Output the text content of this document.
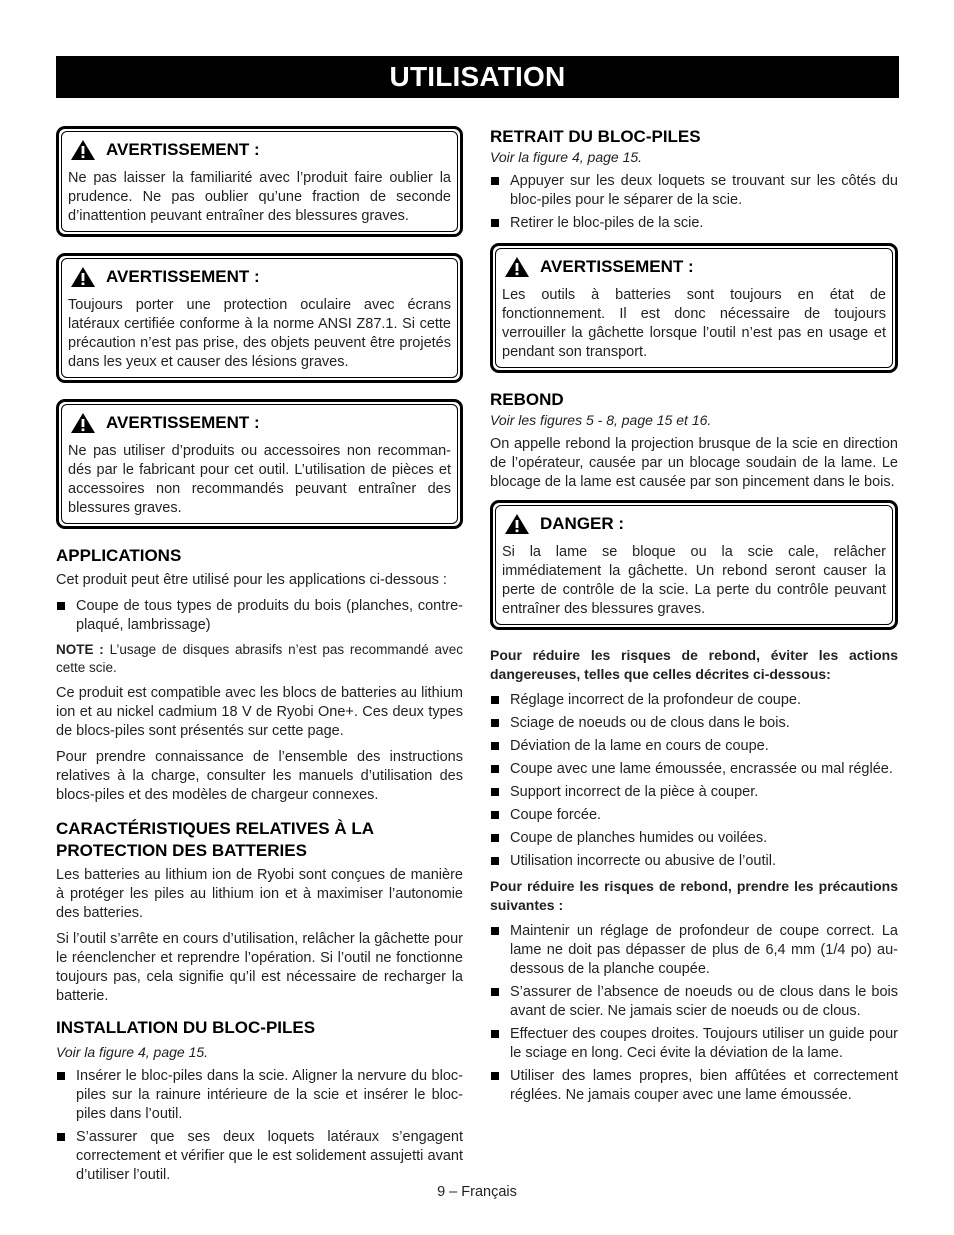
UTILISATION
AVERTISSEMENT :

Ne pas laisser la familiarité avec l’produit faire oublier la prudence. Ne pas oublier qu’une fraction de seconde d’inattention peuvant entraîner des blessures graves.

AVERTISSEMENT :

Toujours porter une protection oculaire avec écrans latéraux certifiée conforme à la norme ANSI Z87.1. Si cette précaution n’est pas prise, des objets peuvent être projetés dans les yeux et causer des lésions graves.

AVERTISSEMENT :

Ne pas utiliser d’produits ou accessoires non recomman-dés par le fabricant pour cet outil. L’utilisation de pièces et accessoires non recommandés peuvant entraîner des blessures graves.

APPLICATIONS

Cet produit peut être utilisé pour les applications ci-dessous :

Coupe de tous types de produits du bois (planches, contre-plaqué, lambrissage)

NOTE : L’usage de disques abrasifs n’est pas recommandé avec cette scie.

Ce produit est compatible avec les blocs de batteries au lithium ion et au nickel cadmium 18 V de Ryobi One+. Ces deux types de blocs-piles sont présentés sur cette page.

Pour prendre connaissance de l’ensemble des instructions relatives à la charge, consulter les manuels d’utilisation des blocs-piles et des modèles de chargeur connexes.

CARACTÉRISTIQUES RELATIVES À LA
PROTECTION DES BATTERIES

Les batteries au lithium ion de Ryobi sont conçues de manière à protéger les piles au lithium ion et à maximiser l’autonomie des batteries.

Si l’outil s’arrête en cours d’utilisation, relâcher la gâchette pour le réenclencher et reprendre l’opération. Si l’outil ne fonctionne toujours pas, cela signifie qu’il est nécessaire de recharger la batterie.

INSTALLATION DU BLOC-PILES

Voir la figure 4, page 15.

Insérer le bloc-piles dans la scie. Aligner la nervure du bloc-piles sur la rainure intérieure de la scie et insérer le bloc-piles dans l’outil.
S’assurer que ses deux loquets latéraux s’engagent correctement et vérifier que le est solidement assujetti avant d’utiliser l’outil.
RETRAIT DU BLOC-PILES

Voir la figure 4, page 15.

Appuyer sur les deux loquets se trouvant sur les côtés du bloc-piles pour le séparer de la scie.
Retirer le bloc-piles de la scie.
AVERTISSEMENT :

Les outils à batteries sont toujours en état de fonctionnement. Il est donc nécessaire de toujours verrouiller la gâchette lorsque l’outil n’est pas en usage et pendant son transport.

REBOND

Voir les figures 5 - 8, page 15 et 16.

On appelle rebond la projection brusque de la scie en direction de l’opérateur, causée par un blocage soudain de la lame. Le blocage de la lame est causée par son pincement dans le bois.

DANGER :

Si la lame se bloque ou la scie cale, relâcher immédiatement la gâchette. Un rebond seront causer la perte de contrôle de la scie. La perte du contrôle peuvant entraîner des blessures graves.

Pour réduire les risques de rebond, éviter les actions dangereuses, telles que celles décrites ci-dessous:

Réglage incorrect de la profondeur de coupe.
Sciage de noeuds ou de clous dans le bois.
Déviation de la lame en cours de coupe.
Coupe avec une lame émoussée, encrassée ou mal réglée.
Support incorrect de la pièce à couper.
Coupe forcée.
Coupe de planches humides ou voilées.
Utilisation incorrecte ou abusive de l’outil.

Pour réduire les risques de rebond, prendre les précautions suivantes :

Maintenir un réglage de profondeur de coupe correct. La lame ne doit pas dépasser de plus de 6,4 mm (1/4 po) au-dessous de la planche coupée.
S’assurer de l’absence de noeuds ou de clous dans le bois avant de scier. Ne jamais scier de noeuds ou de clous.
Effectuer des coupes droites. Toujours utiliser un guide pour le sciage en long. Ceci évite la déviation de la lame.
Utiliser des lames propres, bien affûtées et correctement réglées. Ne jamais couper avec une lame émoussée.
9 – Français
